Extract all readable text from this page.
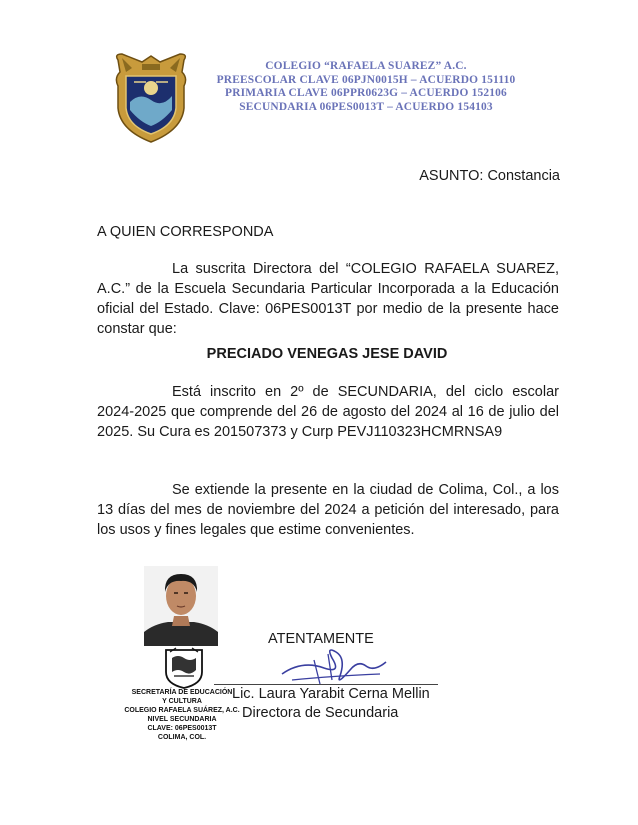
COLEGIO “RAFAELA SUAREZ” A.C.
PREESCOLAR CLAVE 06PJN0015H – ACUERDO 151110
PRIMARIA CLAVE 06PPR0623G – ACUERDO 152106
SECUNDARIA 06PES0013T – ACUERDO 154103
ASUNTO: Constancia
A QUIEN CORRESPONDA

La suscrita Directora del “COLEGIO RAFAELA SUAREZ, A.C.” de la Escuela Secundaria Particular Incorporada a la Educación oficial del Estado. Clave: 06PES0013T por medio de la presente hace constar que:

PRECIADO VENEGAS JESE DAVID

Está inscrito en 2º de SECUNDARIA, del ciclo escolar 2024-2025 que comprende del 26 de agosto del 2024 al 16 de julio del 2025. Su Cura es 201507373 y Curp PEVJ110323HCMRNSA9

Se extiende la presente en la ciudad de Colima, Col., a los 13 días del mes de noviembre del 2024 a petición del interesado, para los usos y fines legales que estime convenientes.

SECRETARÍA DE EDUCACIÓN
Y CULTURA
COLEGIO RAFAELA SUÁREZ, A.C.
NIVEL SECUNDARIA
CLAVE: 06PES0013T
COLIMA, COL.
ATENTAMENTE
Lic. Laura Yarabit Cerna Mellin
Directora de Secundaria
